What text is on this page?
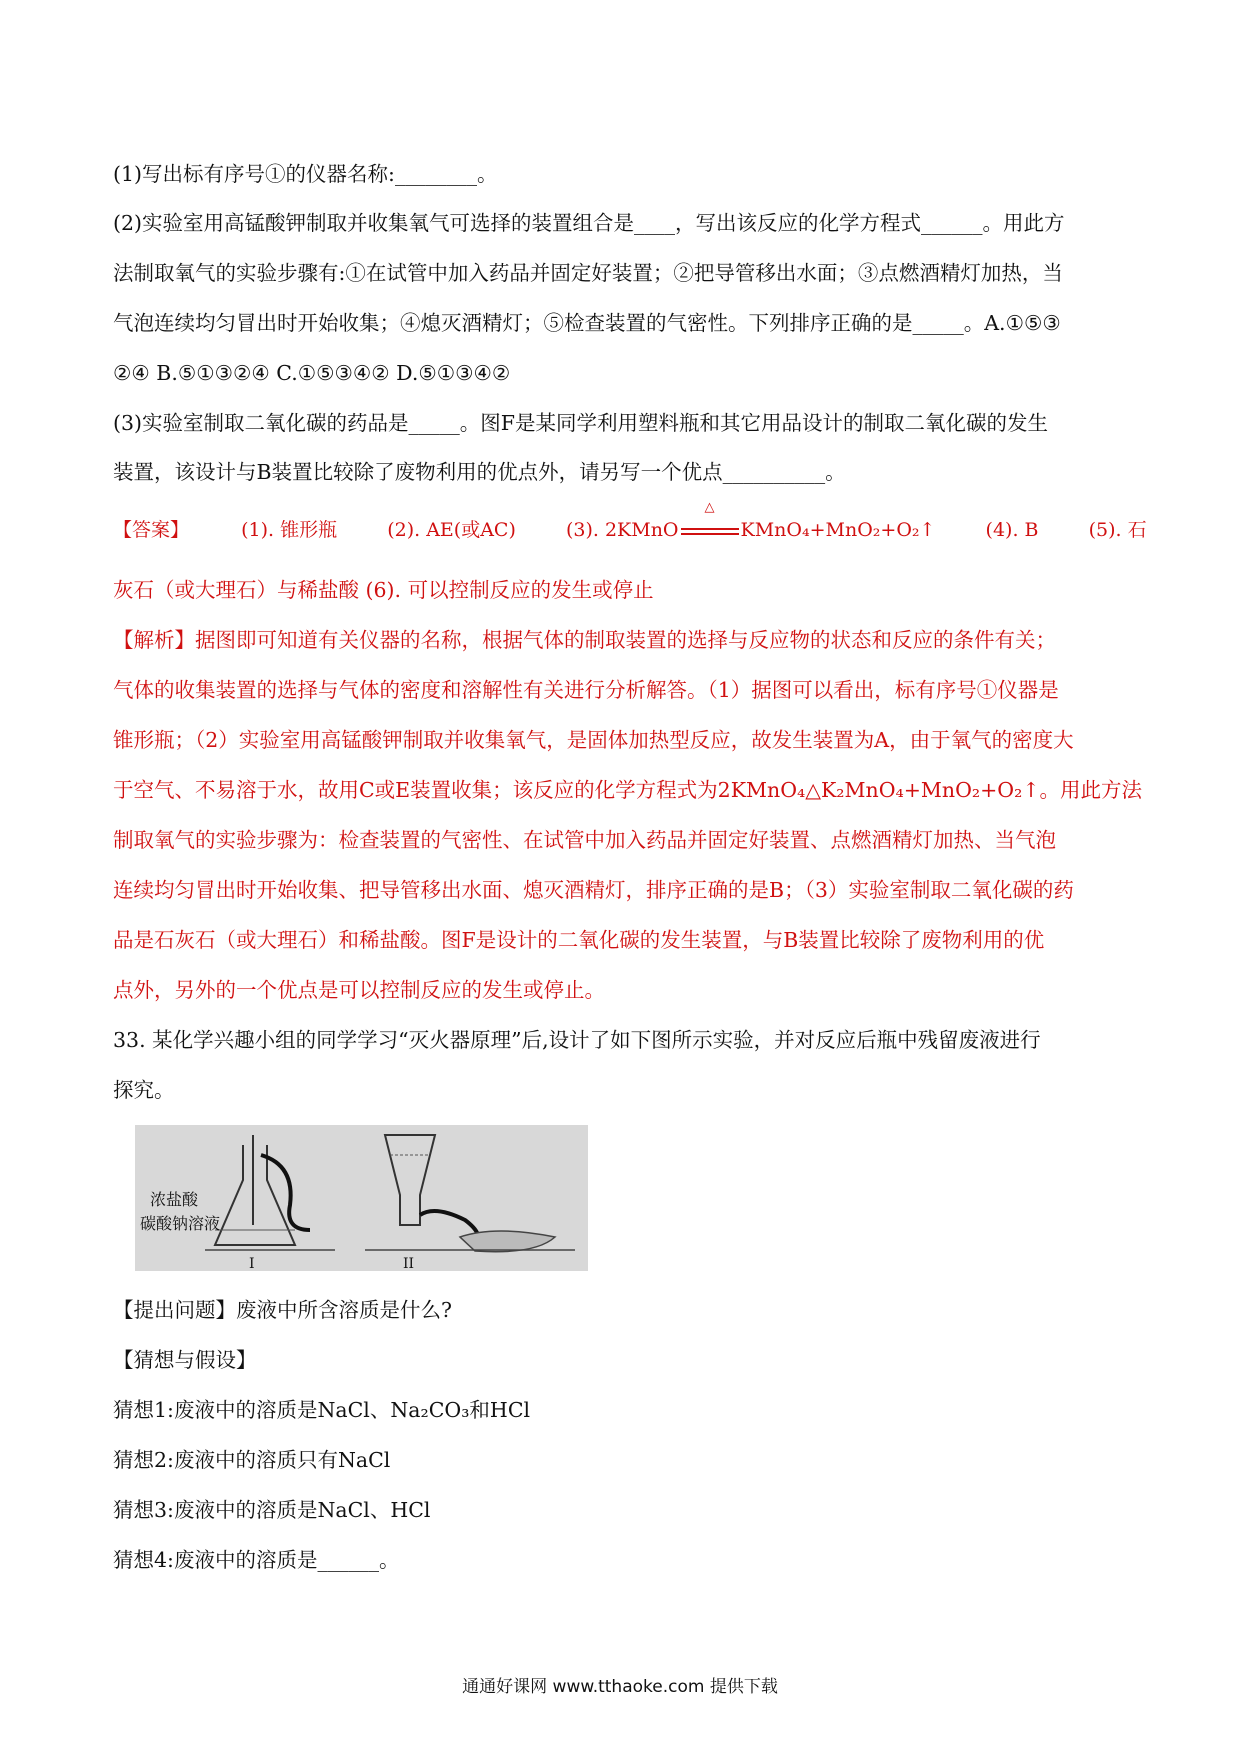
(1)写出标有序号①的仪器名称:________。
(2)实验室用高锰酸钾制取并收集氧气可选择的装置组合是____，写出该反应的化学方程式______。用此方
法制取氧气的实验步骤有:①在试管中加入药品并固定好装置；②把导管移出水面；③点燃酒精灯加热，当
气泡连续均匀冒出时开始收集；④熄灭酒精灯；⑤检查装置的气密性。下列排序正确的是_____。A.①⑤③
②④ B.⑤①③②④ C.①⑤③④② D.⑤①③④②
(3)实验室制取二氧化碳的药品是_____。图F是某同学利用塑料瓶和其它用品设计的制取二氧化碳的发生
装置，该设计与B装置比较除了废物利用的优点外，请另写一个优点__________。
【答案】	(1). 锥形瓶	(2). AE(或AC)	(3). 2KMnO
△
KMnO₄+MnO₂+O₂↑	(4). B	(5). 石
灰石（或大理石）与稀盐酸 (6). 可以控制反应的发生或停止
【解析】据图即可知道有关仪器的名称，根据气体的制取装置的选择与反应物的状态和反应的条件有关；
气体的收集装置的选择与气体的密度和溶解性有关进行分析解答。（1）据图可以看出，标有序号①仪器是
锥形瓶；（2）实验室用高锰酸钾制取并收集氧气，是固体加热型反应，故发生装置为A，由于氧气的密度大
于空气、不易溶于水，故用C或E装置收集；该反应的化学方程式为2KMnO₄△K₂MnO₄+MnO₂+O₂↑。用此方法
制取氧气的实验步骤为：检查装置的气密性、在试管中加入药品并固定好装置、点燃酒精灯加热、当气泡
连续均匀冒出时开始收集、把导管移出水面、熄灭酒精灯，排序正确的是B；（3）实验室制取二氧化碳的药
品是石灰石（或大理石）和稀盐酸。图F是设计的二氧化碳的发生装置，与B装置比较除了废物利用的优
点外，另外的一个优点是可以控制反应的发生或停止。
33. 某化学兴趣小组的同学学习“灭火器原理”后,设计了如下图所示实验，并对反应后瓶中残留废液进行
探究。
浓盐酸
碳酸钠溶液
I	II
【提出问题】废液中所含溶质是什么?
【猜想与假设】
猜想1:废液中的溶质是NaCl、Na₂CO₃和HCl
猜想2:废液中的溶质只有NaCl
猜想3:废液中的溶质是NaCl、HCl
猜想4:废液中的溶质是______。
通通好课网 www.tthaoke.com 提供下载
